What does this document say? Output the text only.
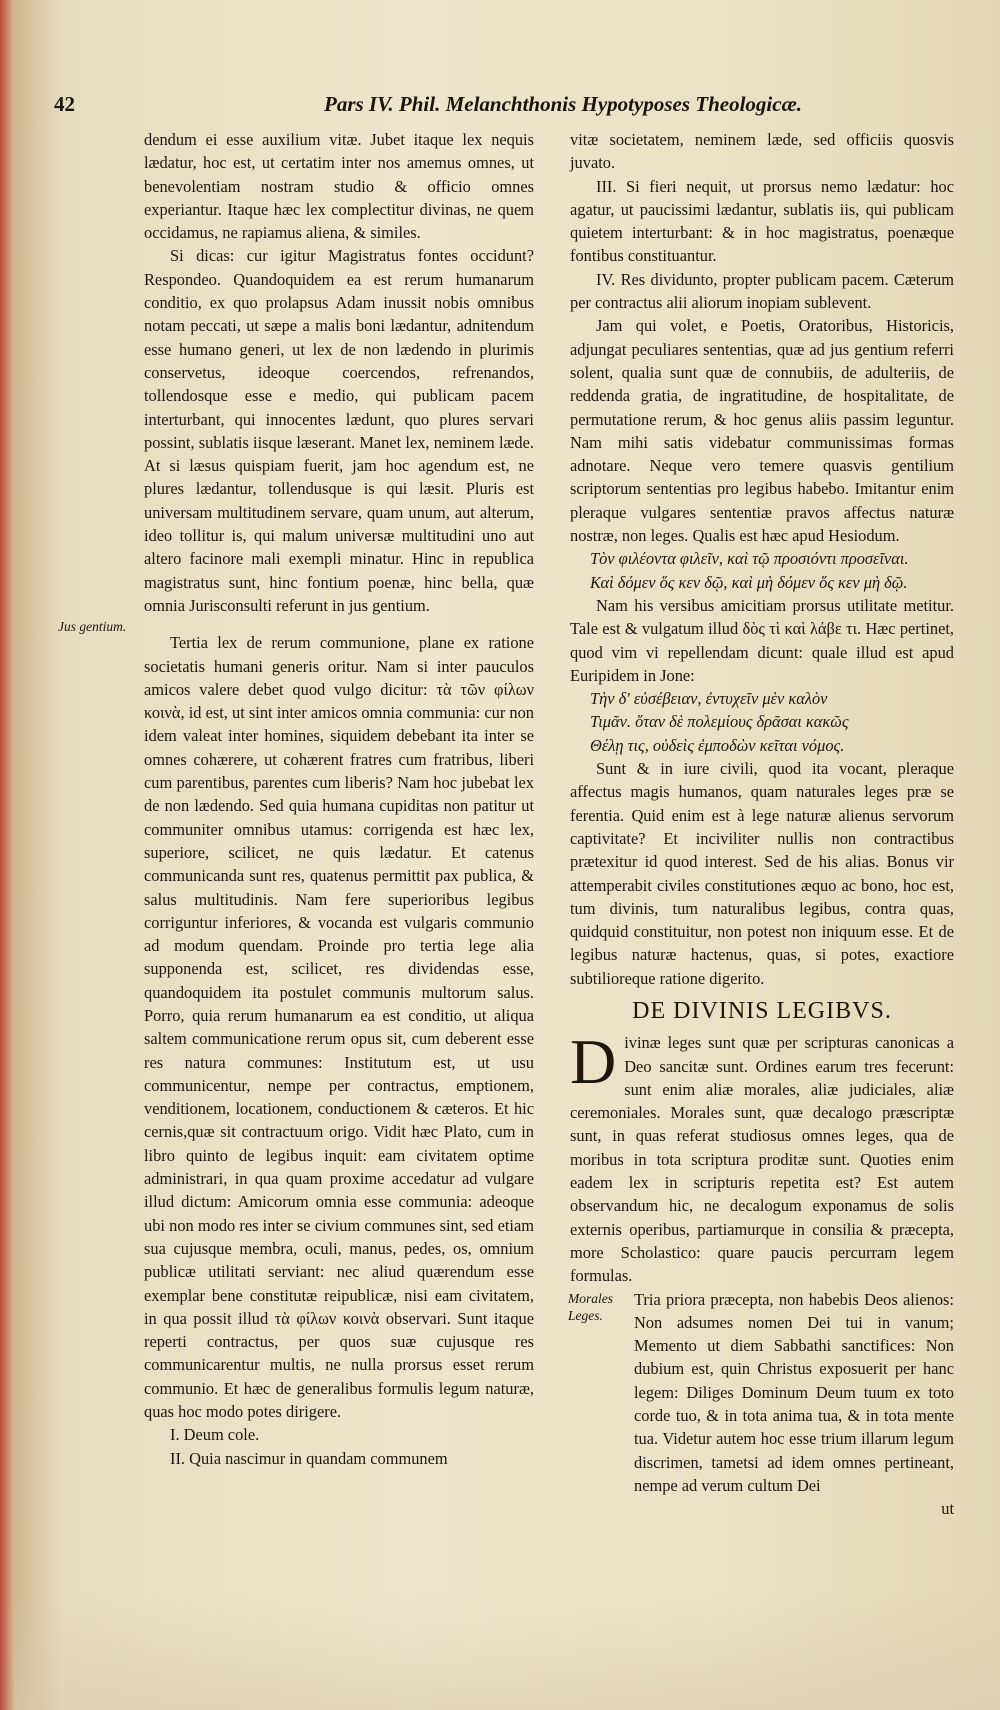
42	Pars IV. Phil. Melanchthonis Hypotyposes Theologicæ.
Jus gentium.

dendum ei esse auxilium vitæ. Jubet itaque lex nequis lædatur, hoc est, ut certatim inter nos amemus omnes, ut benevolentiam nostram studio & officio omnes experiantur. Itaque hæc lex complectitur divinas, ne quem occidamus, ne rapiamus aliena, & similes.

Si dicas: cur igitur Magistratus fontes occidunt? Respondeo. Quandoquidem ea est rerum humanarum conditio, ex quo prolapsus Adam inussit nobis omnibus notam peccati, ut sæpe a malis boni lædantur, adnitendum esse humano generi, ut lex de non lædendo in plurimis conservetus, ideoque coercendos, refrenandos, tollendosque esse e medio, qui publicam pacem interturbant, qui innocentes lædunt, quo plures servari possint, sublatis iisque læserant. Manet lex, neminem læde. At si læsus quispiam fuerit, jam hoc agendum est, ne plures lædantur, tollendusque is qui læsit. Pluris est universam multitudinem servare, quam unum, aut alterum, ideo tollitur is, qui malum universæ multitudini uno aut altero facinore mali exempli minatur. Hinc in republica magistratus sunt, hinc fontium poenæ, hinc bella, quæ omnia Jurisconsulti referunt in jus gentium.

Tertia lex de rerum communione, plane ex ratione societatis humani generis oritur. Nam si inter pauculos amicos valere debet quod vulgo dicitur: τὰ τῶν φίλων κοινὰ, id est, ut sint inter amicos omnia communia: cur non idem valeat inter homines, siquidem debebant ita inter se omnes cohærere, ut cohærent fratres cum fratribus, liberi cum parentibus, parentes cum liberis? Nam hoc jubebat lex de non lædendo. Sed quia humana cupiditas non patitur ut communiter omnibus utamus: corrigenda est hæc lex, superiore, scilicet, ne quis lædatur. Et catenus communicanda sunt res, quatenus permittit pax publica, & salus multitudinis. Nam fere superioribus legibus corriguntur inferiores, & vocanda est vulgaris communio ad modum quendam. Proinde pro tertia lege alia supponenda est, scilicet, res dividendas esse, quandoquidem ita postulet communis multorum salus. Porro, quia rerum humanarum ea est conditio, ut aliqua saltem communicatione rerum opus sit, cum deberent esse res natura communes: Institutum est, ut usu communicentur, nempe per contractus, emptionem, venditionem, locationem, conductionem & cæteros. Et hic cernis,quæ sit contractuum origo. Vidit hæc Plato, cum in libro quinto de legibus inquit: eam civitatem optime administrari, in qua quam proxime accedatur ad vulgare illud dictum: Amicorum omnia esse communia: adeoque ubi non modo res inter se civium communes sint, sed etiam sua cujusque membra, oculi, manus, pedes, os, omnium publicæ utilitati serviant: nec aliud quærendum esse exemplar bene constitutæ reipublicæ, nisi eam civitatem, in qua possit illud τὰ φίλων κοινὰ observari. Sunt itaque reperti contractus, per quos suæ cujusque res communicarentur multis, ne nulla prorsus esset rerum communio. Et hæc de generalibus formulis legum naturæ, quas hoc modo potes dirigere.

I. Deum cole.

II. Quia nascimur in quandam communem

vitæ societatem, neminem læde, sed officiis quosvis juvato.

III. Si fieri nequit, ut prorsus nemo lædatur: hoc agatur, ut paucissimi lædantur, sublatis iis, qui publicam quietem interturbant: & in hoc magistratus, poenæque fontibus constituantur.

IV. Res dividunto, propter publicam pacem. Cæterum per contractus alii aliorum inopiam sublevent.

Jam qui volet, e Poetis, Oratoribus, Historicis, adjungat peculiares sententias, quæ ad jus gentium referri solent, qualia sunt quæ de connubiis, de adulteriis, de reddenda gratia, de ingratitudine, de hospitalitate, de permutatione rerum, & hoc genus aliis passim leguntur. Nam mihi satis videbatur communissimas formas adnotare. Neque vero temere quasvis gentilium scriptorum sententias pro legibus habebo. Imitantur enim pleraque vulgares sententiæ pravos affectus naturæ nostræ, non leges. Qualis est hæc apud Hesiodum.

Τὸν φιλέοντα φιλεῖν, καὶ τῷ προσιόντι προσεῖναι.

Καὶ δόμεν ὅς κεν δῷ, καὶ μὴ δόμεν ὅς κεν μὴ δῷ.

Nam his versibus amicitiam prorsus utilitate metitur. Tale est & vulgatum illud δὸς τὶ καὶ λάβε τι. Hæc pertinet, quod vim vi repellendam dicunt: quale illud est apud Euripidem in Jone:

Τὴν δ' εὐσέβειαν, ἐντυχεῖν μὲν καλὸν

Τιμᾶν. ὅταν δὲ πολεμίους δρᾶσαι κακῶς

Θέλῃ τις, οὐδεὶς ἐμποδὼν κεῖται νόμος.

Sunt & in iure civili, quod ita vocant, pleraque affectus magis humanos, quam naturales leges præ se ferentia. Quid enim est à lege naturæ alienus servorum captivitate? Et inciviliter nullis non contractibus prætexitur id quod interest. Sed de his alias. Bonus vir attemperabit civiles constitutiones æquo ac bono, hoc est, tum divinis, tum naturalibus legibus, contra quas, quidquid constituitur, non potest non iniquum esse. Et de legibus naturæ hactenus, quas, si potes, exactiore subtilioreque ratione digerito.

DE DIVINIS LEGIBVS.

Divinæ leges sunt quæ per scripturas canonicas a Deo sancitæ sunt. Ordines earum tres fecerunt: sunt enim aliæ morales, aliæ judiciales, aliæ ceremoniales. Morales sunt, quæ decalogo præscriptæ sunt, in quas referat studiosus omnes leges, qua de moribus in tota scriptura proditæ sunt. Quoties enim eadem lex in scripturis repetita est? Est autem observandum hic, ne decalogum exponamus de solis externis operibus, partiamurque in consilia & præcepta, more Scholastico: quare paucis percurram legem formulas.

Morales Leges.

Tria priora præcepta, non habebis Deos alienos: Non adsumes nomen Dei tui in vanum; Memento ut diem Sabbathi sanctifices: Non dubium est, quin Christus exposuerit per hanc legem: Diliges Dominum Deum tuum ex toto corde tuo, & in tota anima tua, & in tota mente tua. Videtur autem hoc esse trium illarum legum discrimen, tametsi ad idem omnes pertineant, nempe ad verum cultum Dei

ut
